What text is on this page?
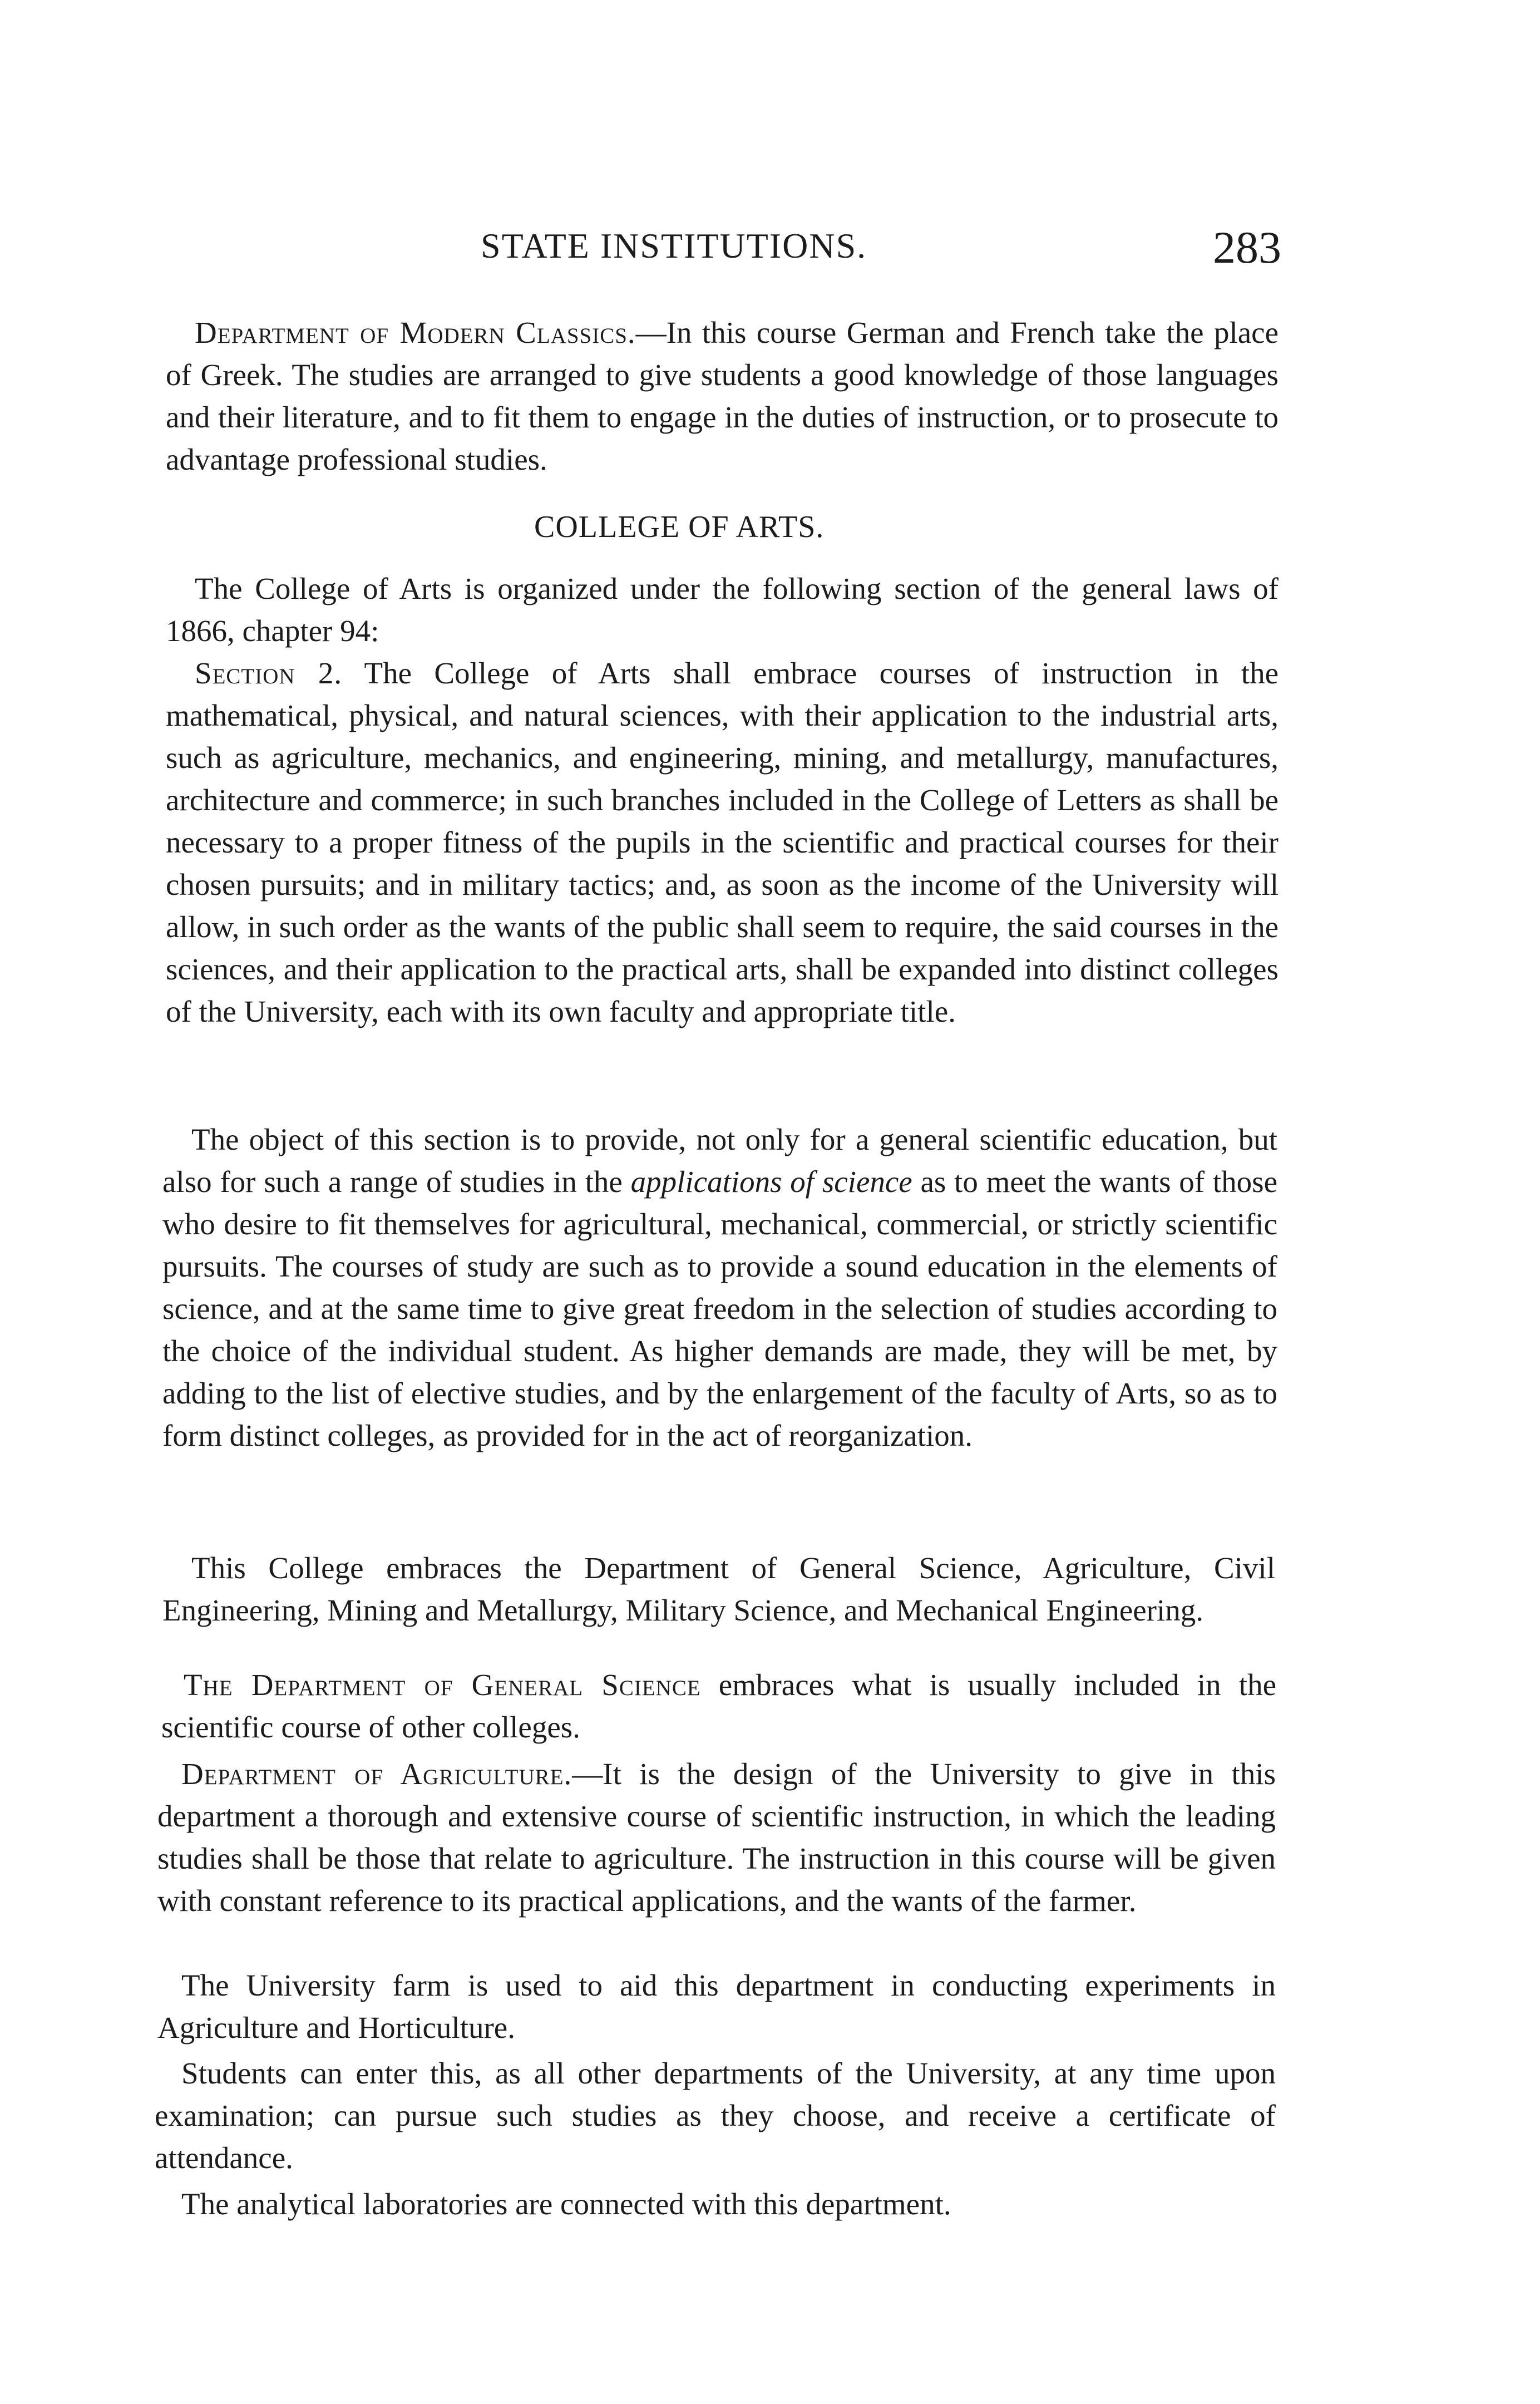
STATE INSTITUTIONS.	283

Department of Modern Classics.—In this course German and French take the place of Greek. The studies are arranged to give students a good knowledge of those languages and their literature, and to fit them to engage in the duties of instruction, or to prosecute to advantage professional studies.

COLLEGE OF ARTS.

The College of Arts is organized under the following section of the general laws of 1866, chapter 94:

Section 2. The College of Arts shall embrace courses of instruction in the mathematical, physical, and natural sciences, with their application to the industrial arts, such as agriculture, mechanics, and engineering, mining, and metallurgy, manufactures, architecture and commerce; in such branches included in the College of Letters as shall be necessary to a proper fitness of the pupils in the scientific and practical courses for their chosen pursuits; and in military tactics; and, as soon as the income of the University will allow, in such order as the wants of the public shall seem to require, the said courses in the sciences, and their application to the practical arts, shall be expanded into distinct colleges of the University, each with its own faculty and appropriate title.

The object of this section is to provide, not only for a general scientific education, but also for such a range of studies in the applications of science as to meet the wants of those who desire to fit themselves for agricultural, mechanical, commercial, or strictly scientific pursuits. The courses of study are such as to provide a sound education in the elements of science, and at the same time to give great freedom in the selection of studies according to the choice of the individual student. As higher demands are made, they will be met, by adding to the list of elective studies, and by the enlargement of the faculty of Arts, so as to form distinct colleges, as provided for in the act of reorganization.

This College embraces the Department of General Science, Agriculture, Civil Engineering, Mining and Metallurgy, Military Science, and Mechanical Engineering.

The Department of General Science embraces what is usually included in the scientific course of other colleges.

Department of Agriculture.—It is the design of the University to give in this department a thorough and extensive course of scientific instruction, in which the leading studies shall be those that relate to agriculture. The instruction in this course will be given with constant reference to its practical applications, and the wants of the farmer.

The University farm is used to aid this department in conducting experiments in Agriculture and Horticulture.

Students can enter this, as all other departments of the University, at any time upon examination; can pursue such studies as they choose, and receive a certificate of attendance.

The analytical laboratories are connected with this department.
